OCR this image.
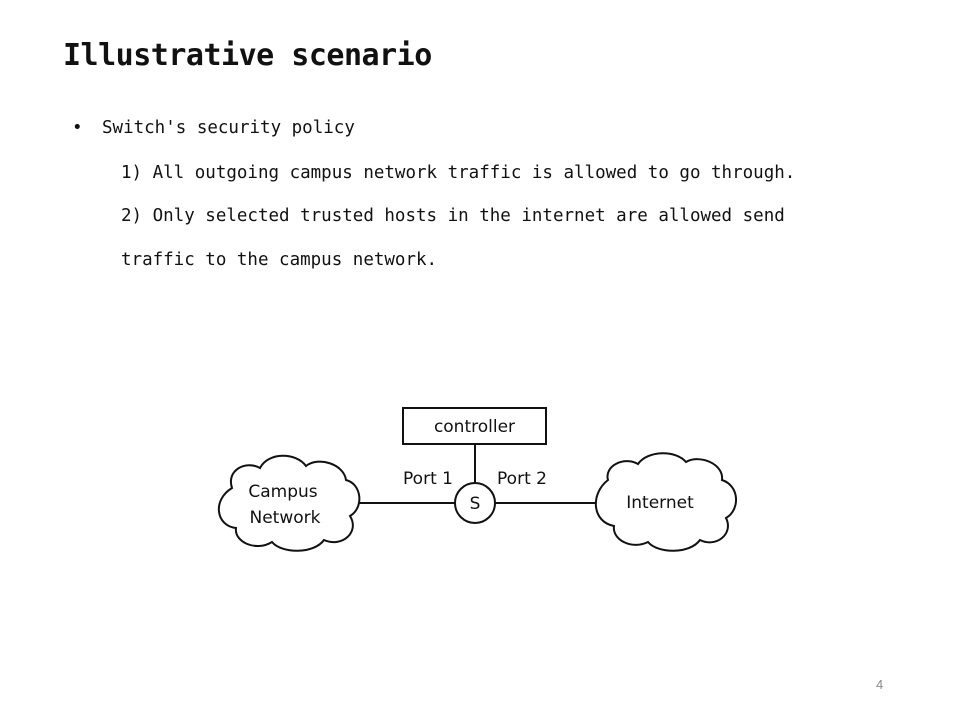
Illustrative scenario
• Switch's security policy
1) All outgoing campus network traffic is allowed to go through.
2) Only selected trusted hosts in the internet are allowed send
traffic to the campus network.
controller
S
Port 1	Port 2
Campus
Network
Internet
4
